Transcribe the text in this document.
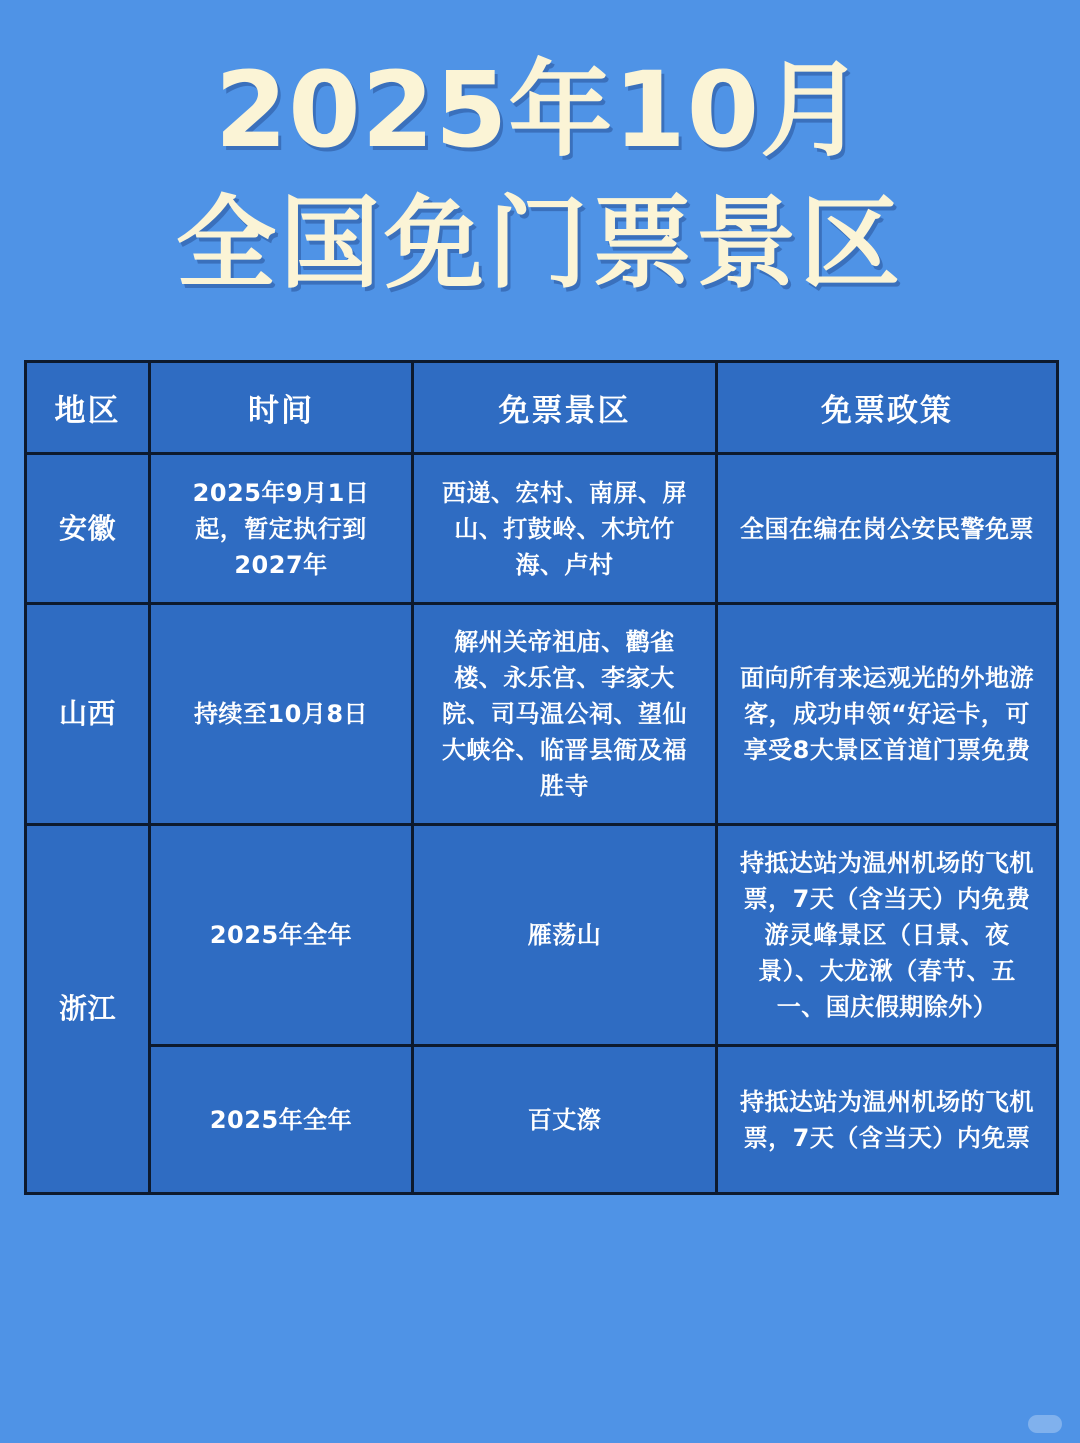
2025年10月
全国免门票景区
地区	时间	免票景区	免票政策
安徽	2025年9月1日起，暂定执行到2027年	西递、宏村、南屏、屏山、打鼓岭、木坑竹海、卢村	全国在编在岗公安民警免票
山西	持续至10月8日	解州关帝祖庙、鹳雀楼、永乐宫、李家大院、司马温公祠、望仙大峡谷、临晋县衙及福胜寺	面向所有来运观光的外地游客，成功申领“好运卡，可享受8大景区首道门票免费
浙江	2025年全年	雁荡山	持抵达站为温州机场的飞机票，7天（含当天）内免费游灵峰景区（日景、夜景）、大龙湫（春节、五一、国庆假期除外）
	2025年全年	百丈漈	持抵达站为温州机场的飞机票，7天（含当天）内免票
